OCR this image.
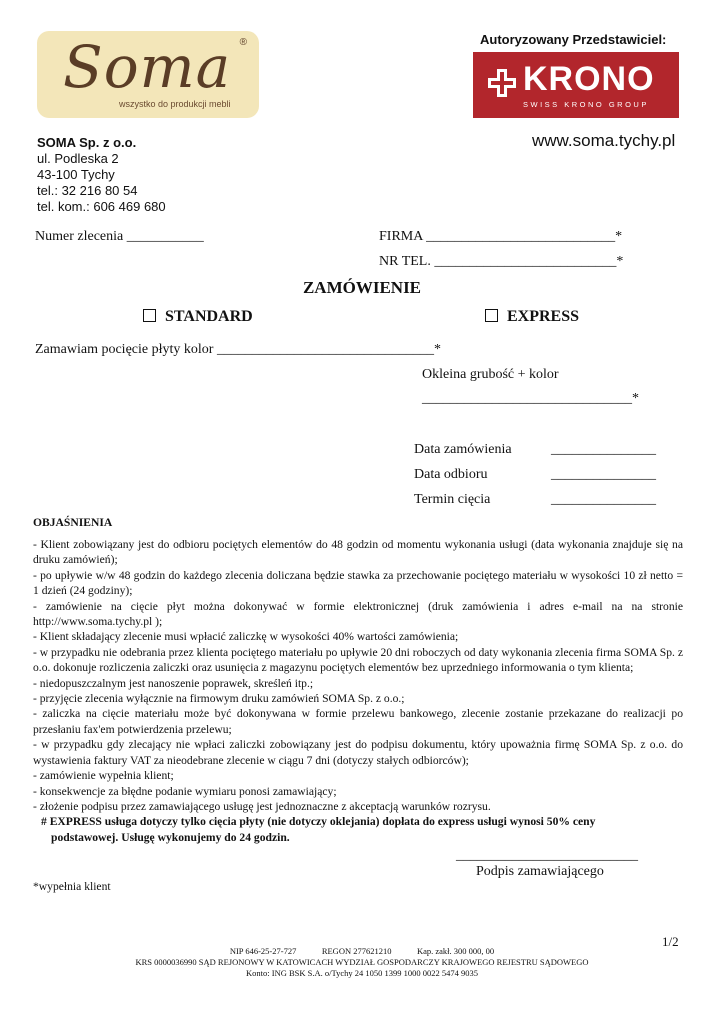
Soma ®
wszystko do produkcji mebli
Autoryzowany Przedstawiciel:
KRONO
SWISS KRONO GROUP
SOMA Sp. z o.o.
ul. Podleska 2
43-100 Tychy
tel.: 32 216 80 54
tel. kom.: 606 469 680
www.soma.tychy.pl
Numer zlecenia ___________	FIRMA ___________________________*
NR TEL. __________________________*
ZAMÓWIENIE
STANDARD	EXPRESS
Zamawiam pocięcie płyty kolor _______________________________*
Okleina grubość + kolor
______________________________*
Data zamówienia	_______________
Data odbioru	_______________
Termin cięcia	_______________
OBJAŚNIENIA

- Klient zobowiązany jest do odbioru pociętych elementów do 48 godzin od momentu wykonania usługi (data wykonania znajduje się na druku zamówień);

- po upływie w/w 48 godzin do każdego zlecenia doliczana będzie stawka za przechowanie pociętego materiału w wysokości 10 zł netto = 1 dzień (24 godziny);

- zamówienie na cięcie płyt można dokonywać w formie elektronicznej (druk zamówienia i adres e-mail na na stronie http://www.soma.tychy.pl );

- Klient składający zlecenie musi wpłacić zaliczkę w wysokości 40% wartości zamówienia;

- w przypadku nie odebrania przez klienta pociętego materiału po upływie 20 dni roboczych od daty wykonania zlecenia firma SOMA Sp. z o.o. dokonuje rozliczenia zaliczki oraz usunięcia z magazynu pociętych elementów bez uprzedniego informowania o tym klienta;

- niedopuszczalnym jest nanoszenie poprawek, skreśleń itp.;

- przyjęcie zlecenia wyłącznie na firmowym druku zamówień SOMA Sp. z o.o.;

- zaliczka na cięcie materiału może być dokonywana w formie przelewu bankowego, zlecenie zostanie przekazane do realizacji po przesłaniu fax'em potwierdzenia przelewu;

- w przypadku gdy zlecający nie wpłaci zaliczki zobowiązany jest do podpisu dokumentu, który upoważnia firmę SOMA Sp. z o.o. do wystawienia faktury VAT za nieodebrane zlecenie w ciągu 7 dni (dotyczy stałych odbiorców);

- zamówienie wypełnia klient;

- konsekwencje za błędne podanie wymiaru ponosi zamawiający;

- złożenie podpisu przez zamawiającego usługę jest jednoznaczne z akceptacją warunków rozrysu.

# EXPRESS usługa dotyczy tylko cięcia płyty (nie dotyczy oklejania) dopłata do express usługi wynosi 50% ceny

podstawowej. Usługę wykonujemy do 24 godzin.

__________________________
Podpis zamawiającego
*wypełnia klient
1/2
NIP 646-25-27-727            REGON 277621210            Kap. zakł. 300 000, 00
KRS 0000036990 SĄD REJONOWY W KATOWICACH WYDZIAŁ GOSPODARCZY KRAJOWEGO REJESTRU SĄDOWEGO
Konto: ING BSK S.A. o/Tychy 24 1050 1399 1000 0022 5474 9035
